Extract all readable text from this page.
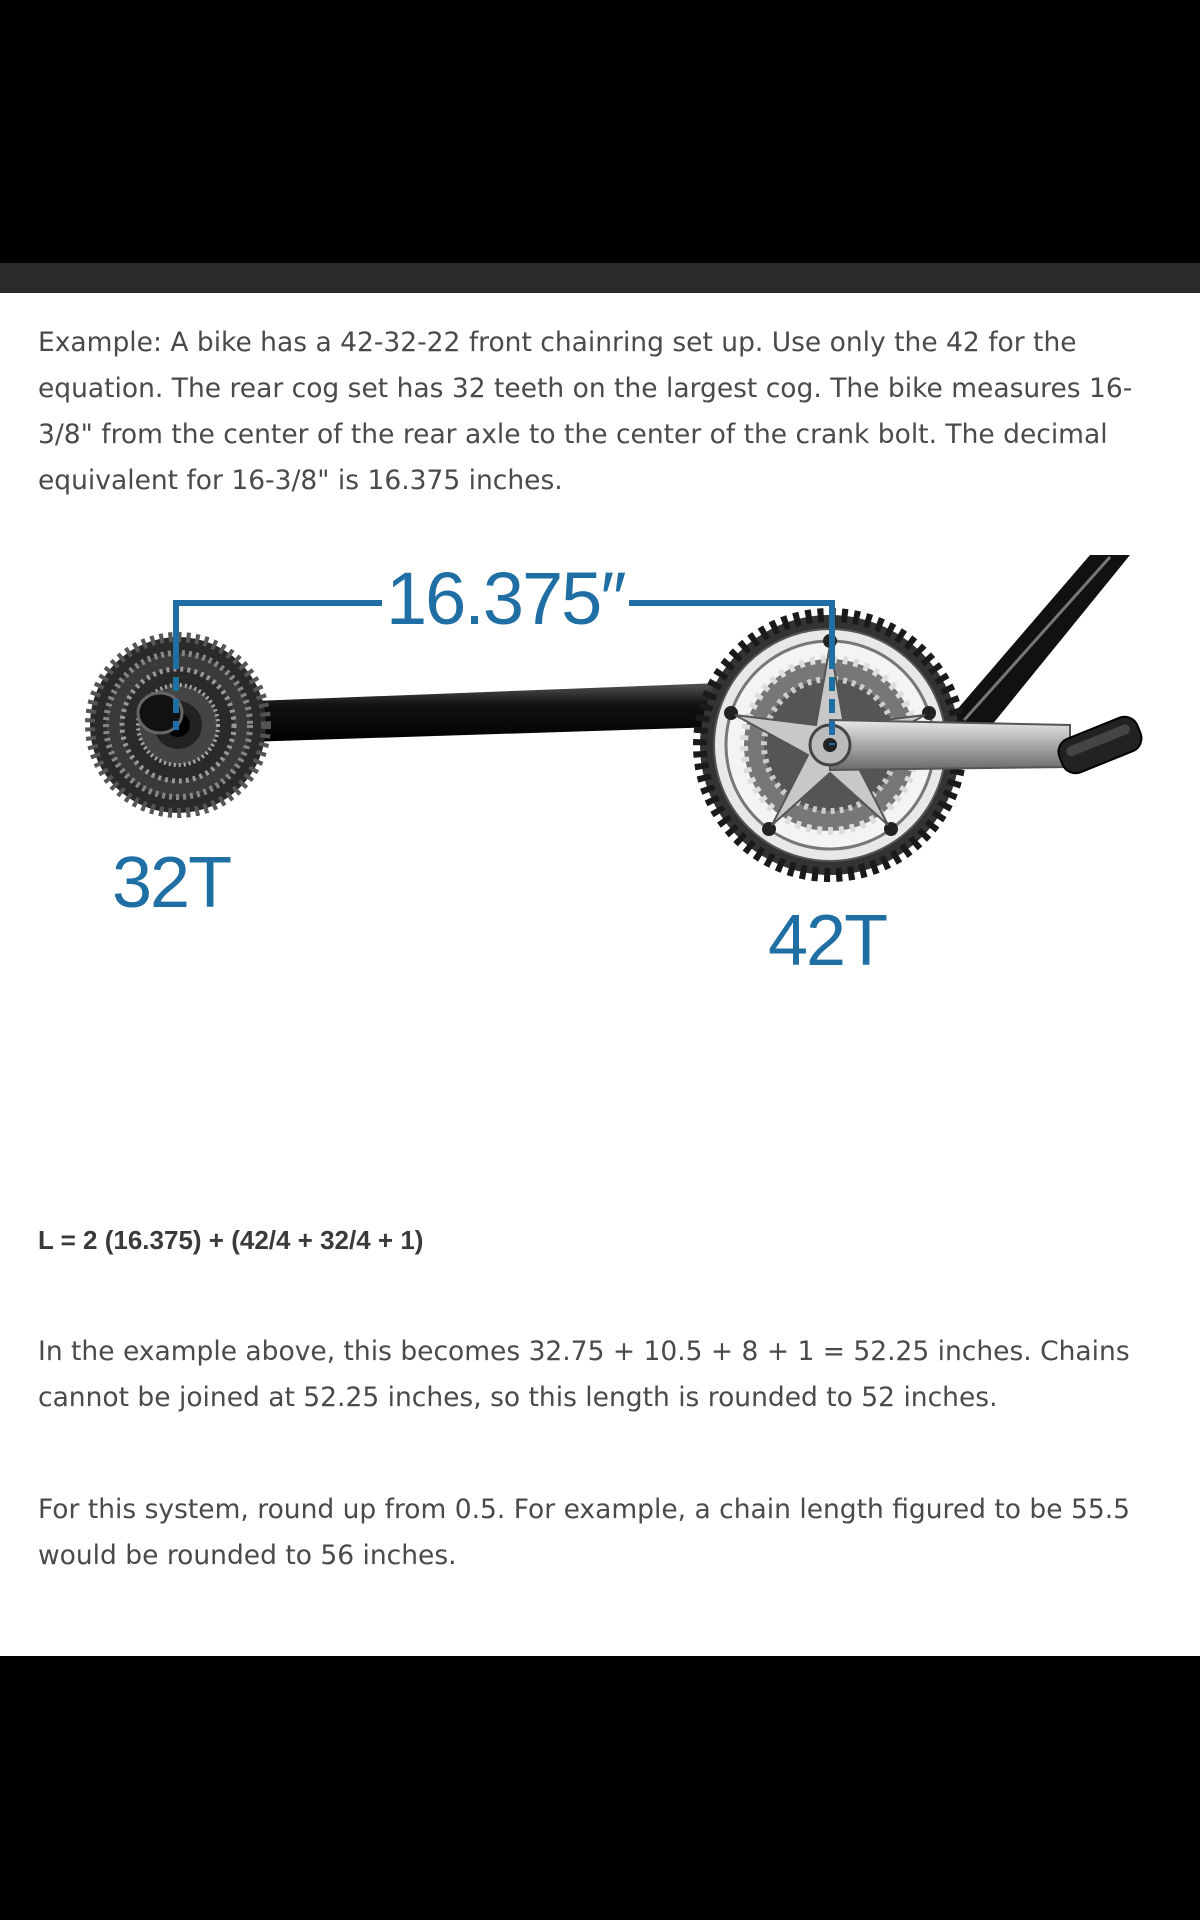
Example: A bike has a 42-32-22 front chainring set up. Use only the 42 for the equation. The rear cog set has 32 teeth on the largest cog. The bike measures 16-3/8" from the center of the rear axle to the center of the crank bolt. The decimal equivalent for 16-3/8" is 16.375 inches.

16.375″

32T

42T

L = 2 (16.375) + (42/4 + 32/4 + 1)

In the example above, this becomes 32.75 + 10.5 + 8 + 1 = 52.25 inches. Chains cannot be joined at 52.25 inches, so this length is rounded to 52 inches.

For this system, round up from 0.5. For example, a chain length figured to be 55.5 would be rounded to 56 inches.
